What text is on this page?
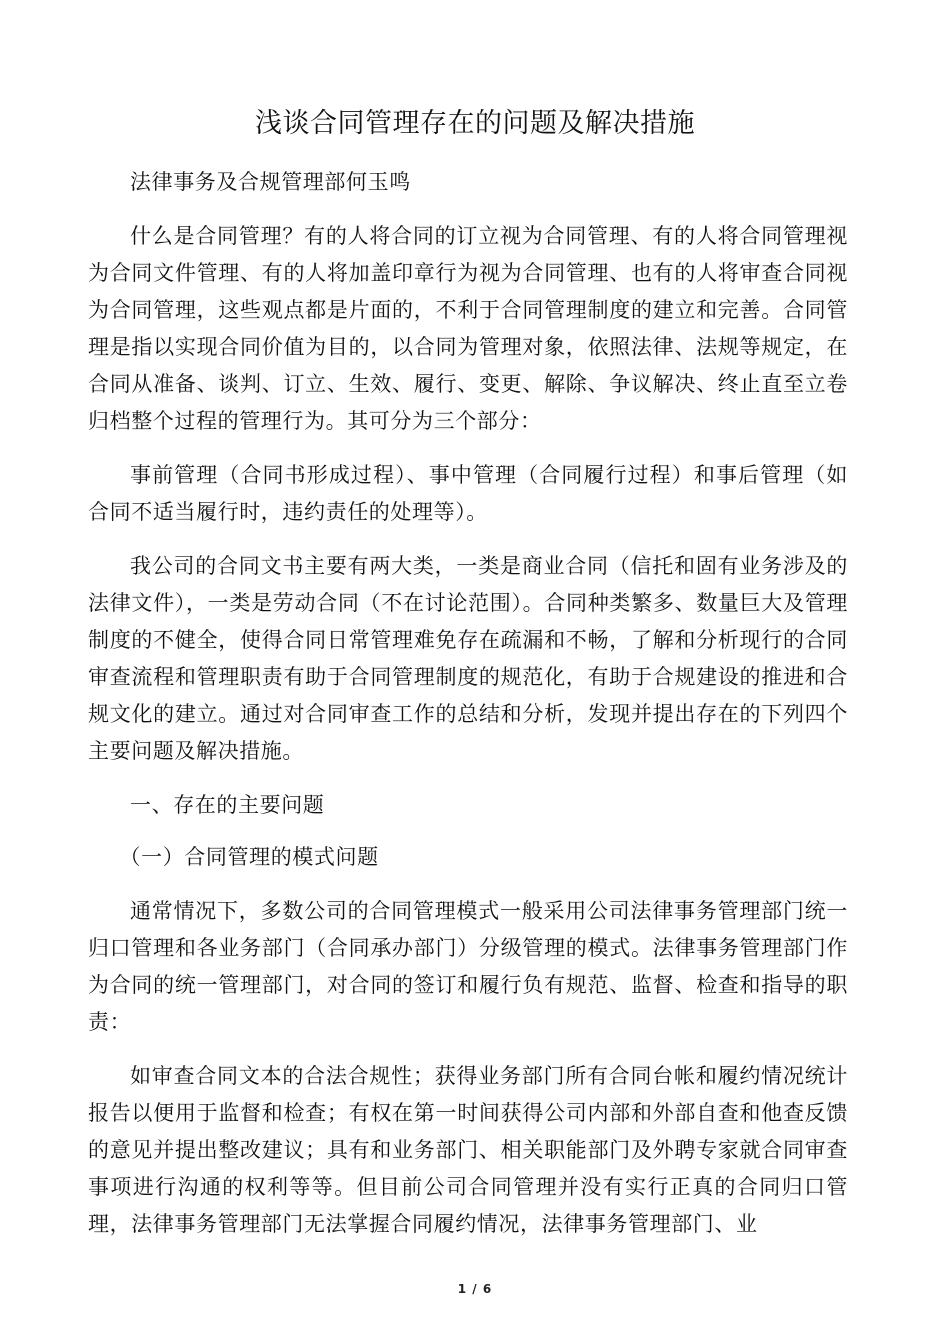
浅谈合同管理存在的问题及解决措施

法律事务及合规管理部何玉鸣

什么是合同管理？有的人将合同的订立视为合同管理、有的人将合同管理视为合同文件管理、有的人将加盖印章行为视为合同管理、也有的人将审查合同视为合同管理，这些观点都是片面的，不利于合同管理制度的建立和完善。合同管理是指以实现合同价值为目的，以合同为管理对象，依照法律、法规等规定，在合同从准备、谈判、订立、生效、履行、变更、解除、争议解决、终止直至立卷归档整个过程的管理行为。其可分为三个部分：

事前管理（合同书形成过程）、事中管理（合同履行过程）和事后管理（如合同不适当履行时，违约责任的处理等）。

我公司的合同文书主要有两大类，一类是商业合同（信托和固有业务涉及的法律文件），一类是劳动合同（不在讨论范围）。合同种类繁多、数量巨大及管理制度的不健全，使得合同日常管理难免存在疏漏和不畅，了解和分析现行的合同审查流程和管理职责有助于合同管理制度的规范化，有助于合规建设的推进和合规文化的建立。通过对合同审查工作的总结和分析，发现并提出存在的下列四个主要问题及解决措施。

一、存在的主要问题

（一）合同管理的模式问题

通常情况下，多数公司的合同管理模式一般采用公司法律事务管理部门统一归口管理和各业务部门（合同承办部门）分级管理的模式。法律事务管理部门作为合同的统一管理部门，对合同的签订和履行负有规范、监督、检查和指导的职责：

如审查合同文本的合法合规性；获得业务部门所有合同台帐和履约情况统计报告以便用于监督和检查；有权在第一时间获得公司内部和外部自查和他查反馈的意见并提出整改建议；具有和业务部门、相关职能部门及外聘专家就合同审查事项进行沟通的权利等等。但目前公司合同管理并没有实行正真的合同归口管理，法律事务管理部门无法掌握合同履约情况，法律事务管理部门、业

1 / 6
